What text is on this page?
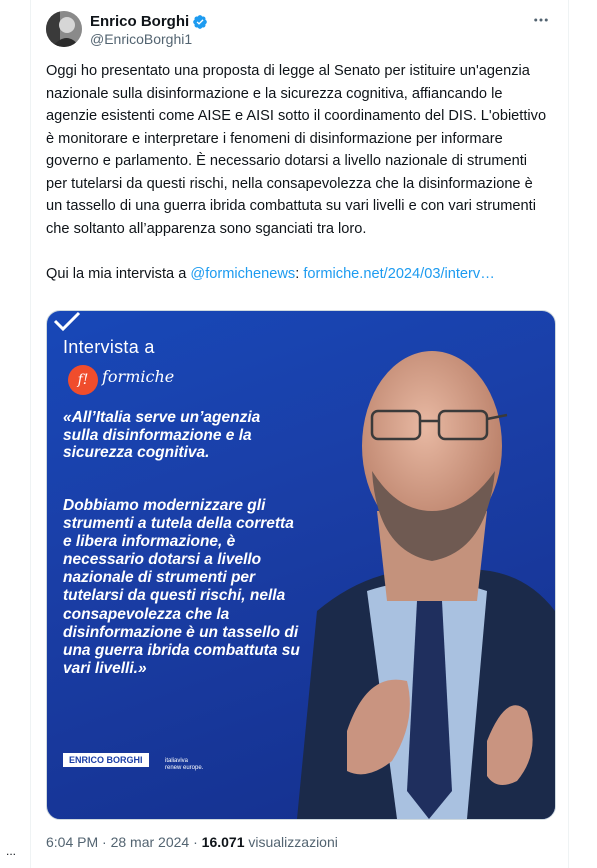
Enrico Borghi
@EnricoBorghi1

Oggi ho presentato una proposta di legge al Senato per istituire un'agenzia nazionale sulla disinformazione e la sicurezza cognitiva, affiancando le agenzie esistenti come AISE e AISI sotto il coordinamento del DIS. L'obiettivo è monitorare e interpretare i fenomeni di disinformazione per informare governo e parlamento. È necessario dotarsi a livello nazionale di strumenti per tutelarsi da questi rischi, nella consapevolezza che la disinformazione è un tassello di una guerra ibrida combattuta su vari livelli e con vari strumenti che soltanto all’apparenza sono sganciati tra loro.

Qui la mia intervista a @formichenews: formiche.net/2024/03/interv…

Intervista a
f! formiche
«All’Italia serve un’agenzia sulla disinformazione e la sicurezza cognitiva.
Dobbiamo modernizzare gli strumenti a tutela della corretta e libera informazione, è necessario dotarsi a livello nazionale di strumenti per tutelarsi da questi rischi, nella consapevolezza che la disinformazione è un tassello di una guerra ibrida combattuta su vari livelli.»
ENRICO BORGHI	italiaviva
renew europe.
6:04 PM · 28 mar 2024 · 16.071 visualizzazioni
...
